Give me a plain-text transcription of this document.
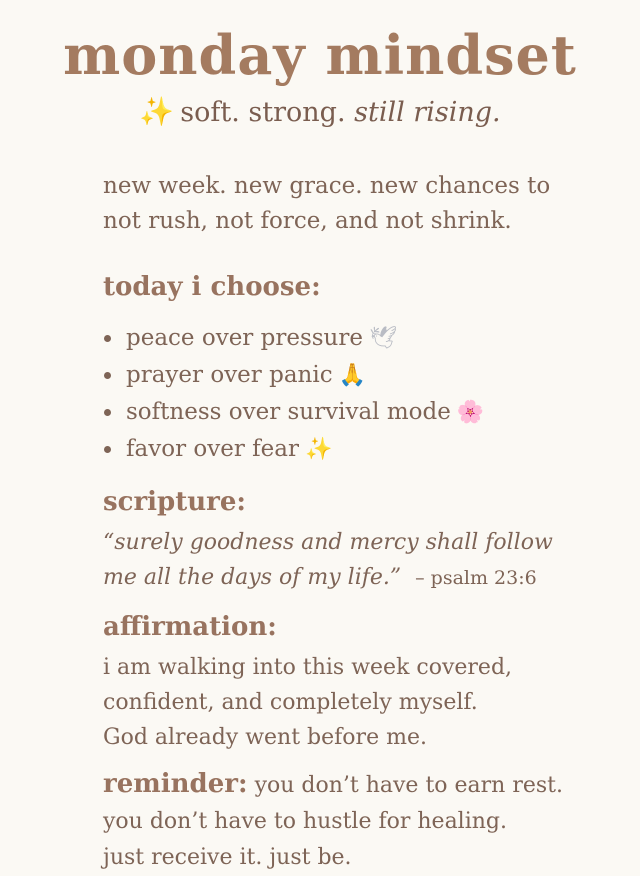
monday mindset

✨ soft. strong. still rising.

new week. new grace. new chances to
not rush, not force, and not shrink.
today i choose:
peace over pressure 🕊
prayer over panic 🙏
softness over survival mode 🌸
favor over fear ✨
scripture:
“surely goodness and mercy shall follow
me all the days of my life.” – psalm 23:6
affirmation:
i am walking into this week covered,
confident, and completely myself.
God already went before me.
reminder: you don’t have to earn rest.
you don’t have to hustle for healing.
just receive it. just be.
